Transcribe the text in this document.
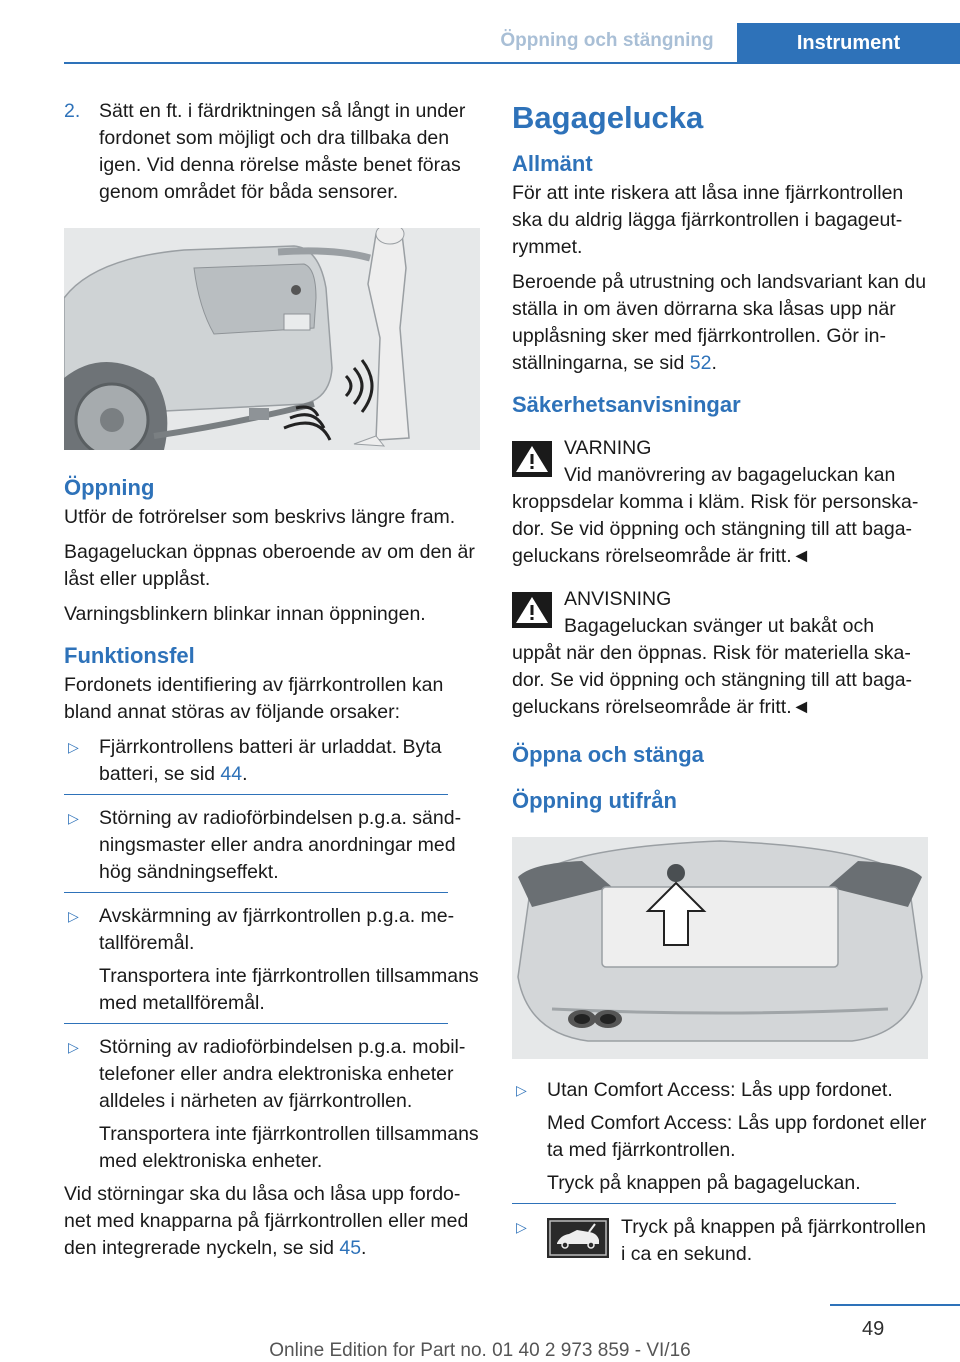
Öppning och stängning	Instrument
2. Sätt en ft. i färdriktningen så långt in under fordonet som möjligt och dra tillbaka den igen. Vid denna rörelse måste benet föras genom området för båda sensorer.
Öppning

Utför de fotrörelser som beskrivs längre fram.

Bagageluckan öppnas oberoende av om den är låst eller upplåst.

Varningsblinkern blinkar innan öppningen.

Funktionsfel

Fordonets identifiering av fjärrkontrollen kan bland annat störas av följande orsaker:

▷ Fjärrkontrollens batteri är urladdat. Byta batteri, se sid 44.
▷ Störning av radioförbindelsen p.g.a. sändningsmaster eller andra anordningar med hög sändningseffekt.
▷ Avskärmning av fjärrkontrollen p.g.a. metallföremål.
Transportera inte fjärrkontrollen tillsammans med metallföremål.
▷ Störning av radioförbindelsen p.g.a. mobiltelefoner eller andra elektroniska enheter alldeles i närheten av fjärrkontrollen.
Transportera inte fjärrkontrollen tillsammans med elektroniska enheter.

Vid störningar ska du låsa och låsa upp fordonet med knapparna på fjärrkontrollen eller med den integrerade nyckeln, se sid 45.

Bagagelucka
Allmänt

För att inte riskera att låsa inne fjärrkontrollen ska du aldrig lägga fjärrkontrollen i bagageutrymmet.

Beroende på utrustning och landsvariant kan du ställa in om även dörrarna ska låsas upp när upplåsning sker med fjärrkontrollen. Gör inställningarna, se sid 52.

Säkerhetsanvisningar
VARNING
Vid manövrering av bagageluckan kan kroppsdelar komma i kläm. Risk för personskador. Se vid öppning och stängning till att bagageluckans rörelseområde är fritt.◄
ANVISNING
Bagageluckan svänger ut bakåt och uppåt när den öppnas. Risk för materiella skador. Se vid öppning och stängning till att bagageluckans rörelseområde är fritt.◄
Öppna och stänga
Öppning utifrån
▷ Utan Comfort Access: Lås upp fordonet.
Med Comfort Access: Lås upp fordonet eller ta med fjärrkontrollen.
Tryck på knappen på bagageluckan.
▷	Tryck på knappen på fjärrkontrollen i ca en sekund.
49
Online Edition for Part no. 01 40 2 973 859 - VI/16
